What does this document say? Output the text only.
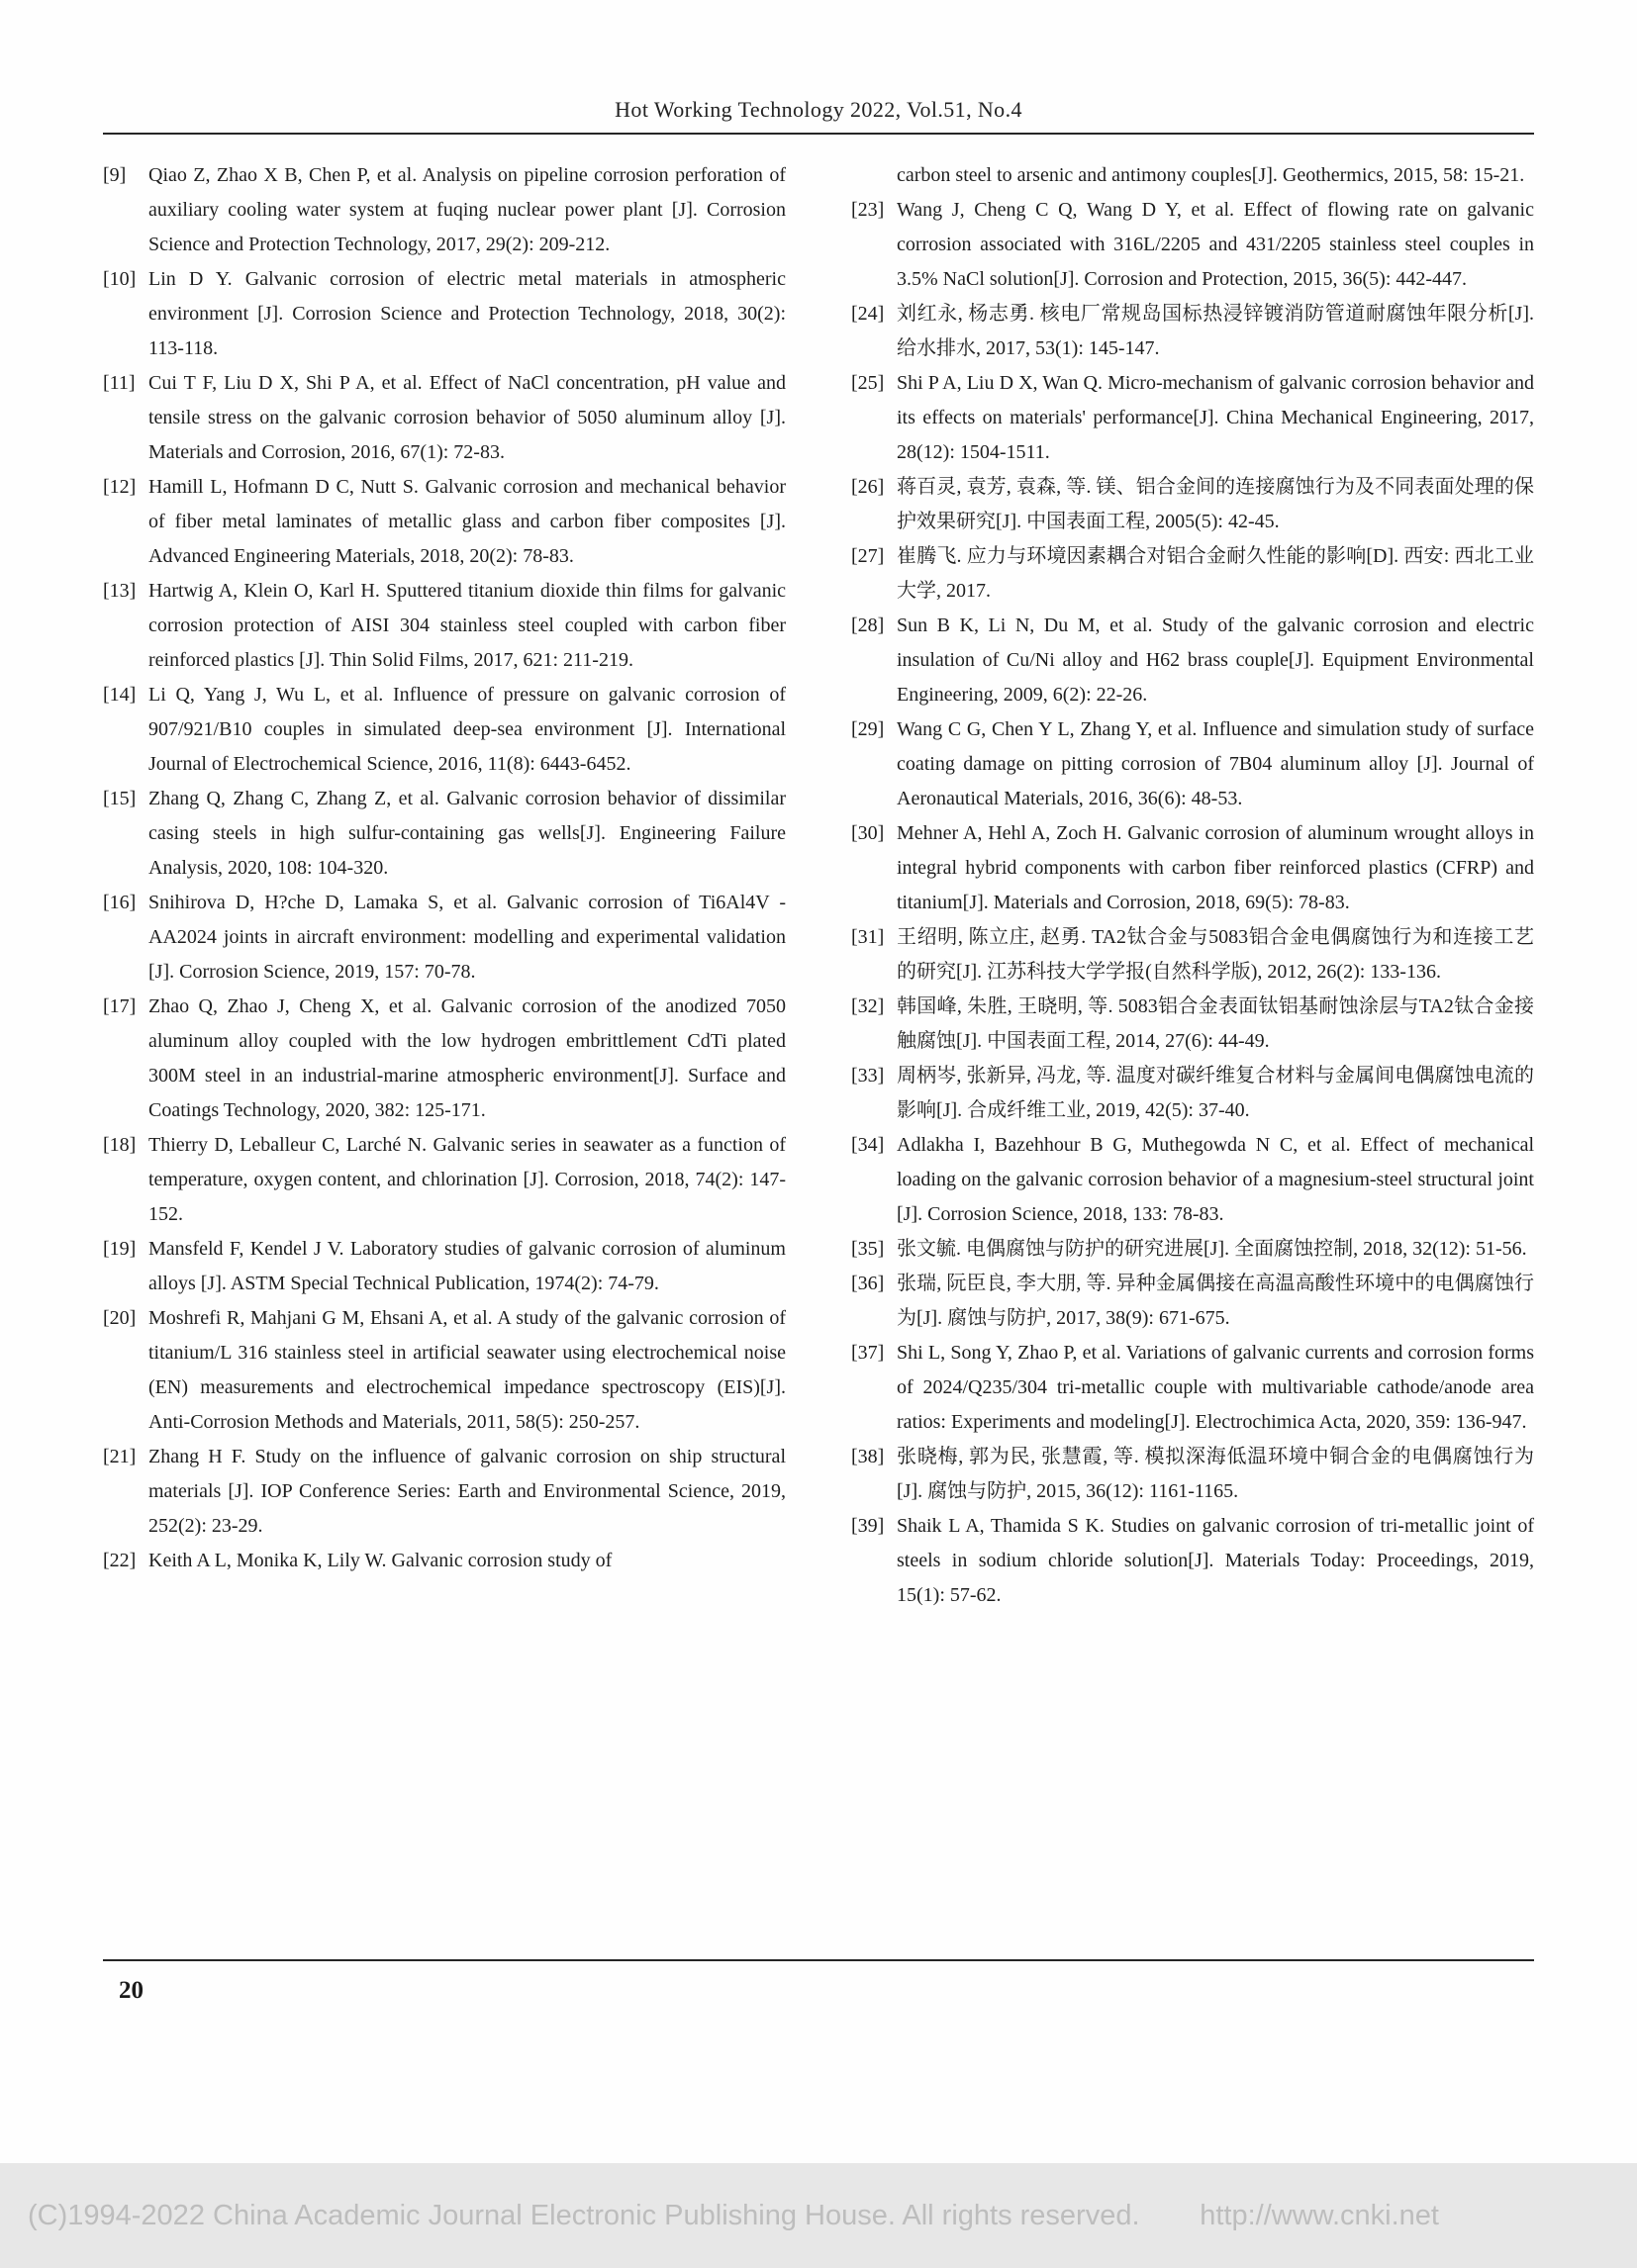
Hot Working Technology 2022, Vol.51, No.4
[9] Qiao Z, Zhao X B, Chen P, et al. Analysis on pipeline corrosion perforation of auxiliary cooling water system at fuqing nuclear power plant [J]. Corrosion Science and Protection Technology, 2017, 29(2): 209-212.
[10] Lin D Y. Galvanic corrosion of electric metal materials in atmospheric environment [J]. Corrosion Science and Protection Technology, 2018, 30(2): 113-118.
[11] Cui T F, Liu D X, Shi P A, et al. Effect of NaCl concentration, pH value and tensile stress on the galvanic corrosion behavior of 5050 aluminum alloy [J]. Materials and Corrosion, 2016, 67(1): 72-83.
[12] Hamill L, Hofmann D C, Nutt S. Galvanic corrosion and mechanical behavior of fiber metal laminates of metallic glass and carbon fiber composites [J]. Advanced Engineering Materials, 2018, 20(2): 78-83.
[13] Hartwig A, Klein O, Karl H. Sputtered titanium dioxide thin films for galvanic corrosion protection of AISI 304 stainless steel coupled with carbon fiber reinforced plastics [J]. Thin Solid Films, 2017, 621: 211-219.
[14] Li Q, Yang J, Wu L, et al. Influence of pressure on galvanic corrosion of 907/921/B10 couples in simulated deep-sea environment [J]. International Journal of Electrochemical Science, 2016, 11(8): 6443-6452.
[15] Zhang Q, Zhang C, Zhang Z, et al. Galvanic corrosion behavior of dissimilar casing steels in high sulfur-containing gas wells[J]. Engineering Failure Analysis, 2020, 108: 104-320.
[16] Snihirova D, H?che D, Lamaka S, et al. Galvanic corrosion of Ti6Al4V -AA2024 joints in aircraft environment: modelling and experimental validation [J]. Corrosion Science, 2019, 157: 70-78.
[17] Zhao Q, Zhao J, Cheng X, et al. Galvanic corrosion of the anodized 7050 aluminum alloy coupled with the low hydrogen embrittlement CdTi plated 300M steel in an industrial-marine atmospheric environment[J]. Surface and Coatings Technology, 2020, 382: 125-171.
[18] Thierry D, Leballeur C, Larché N. Galvanic series in seawater as a function of temperature, oxygen content, and chlorination [J]. Corrosion, 2018, 74(2): 147-152.
[19] Mansfeld F, Kendel J V. Laboratory studies of galvanic corrosion of aluminum alloys [J]. ASTM Special Technical Publication, 1974(2): 74-79.
[20] Moshrefi R, Mahjani G M, Ehsani A, et al. A study of the galvanic corrosion of titanium/L 316 stainless steel in artificial seawater using electrochemical noise (EN) measurements and electrochemical impedance spectroscopy (EIS)[J]. Anti-Corrosion Methods and Materials, 2011, 58(5): 250-257.
[21] Zhang H F. Study on the influence of galvanic corrosion on ship structural materials [J]. IOP Conference Series: Earth and Environmental Science, 2019, 252(2): 23-29.
[22] Keith A L, Monika K, Lily W. Galvanic corrosion study of
carbon steel to arsenic and antimony couples[J]. Geothermics, 2015, 58: 15-21.
[23] Wang J, Cheng C Q, Wang D Y, et al. Effect of flowing rate on galvanic corrosion associated with 316L/2205 and 431/2205 stainless steel couples in 3.5% NaCl solution[J]. Corrosion and Protection, 2015, 36(5): 442-447.
[24] 刘红永, 杨志勇. 核电厂常规岛国标热浸锌镀消防管道耐腐蚀年限分析[J]. 给水排水, 2017, 53(1): 145-147.
[25] Shi P A, Liu D X, Wan Q. Micro-mechanism of galvanic corrosion behavior and its effects on materials' performance[J]. China Mechanical Engineering, 2017, 28(12): 1504-1511.
[26] 蒋百灵, 袁芳, 袁森, 等. 镁、铝合金间的连接腐蚀行为及不同表面处理的保护效果研究[J]. 中国表面工程, 2005(5): 42-45.
[27] 崔腾飞. 应力与环境因素耦合对铝合金耐久性能的影响[D]. 西安: 西北工业大学, 2017.
[28] Sun B K, Li N, Du M, et al. Study of the galvanic corrosion and electric insulation of Cu/Ni alloy and H62 brass couple[J]. Equipment Environmental Engineering, 2009, 6(2): 22-26.
[29] Wang C G, Chen Y L, Zhang Y, et al. Influence and simulation study of surface coating damage on pitting corrosion of 7B04 aluminum alloy [J]. Journal of Aeronautical Materials, 2016, 36(6): 48-53.
[30] Mehner A, Hehl A, Zoch H. Galvanic corrosion of aluminum wrought alloys in integral hybrid components with carbon fiber reinforced plastics (CFRP) and titanium[J]. Materials and Corrosion, 2018, 69(5): 78-83.
[31] 王绍明, 陈立庄, 赵勇. TA2钛合金与5083铝合金电偶腐蚀行为和连接工艺的研究[J]. 江苏科技大学学报(自然科学版), 2012, 26(2): 133-136.
[32] 韩国峰, 朱胜, 王晓明, 等. 5083铝合金表面钛铝基耐蚀涂层与TA2钛合金接触腐蚀[J]. 中国表面工程, 2014, 27(6): 44-49.
[33] 周柄岑, 张新异, 冯龙, 等. 温度对碳纤维复合材料与金属间电偶腐蚀电流的影响[J]. 合成纤维工业, 2019, 42(5): 37-40.
[34] Adlakha I, Bazehhour B G, Muthegowda N C, et al. Effect of mechanical loading on the galvanic corrosion behavior of a magnesium-steel structural joint [J]. Corrosion Science, 2018, 133: 78-83.
[35] 张文毓. 电偶腐蚀与防护的研究进展[J]. 全面腐蚀控制, 2018, 32(12): 51-56.
[36] 张瑞, 阮臣良, 李大朋, 等. 异种金属偶接在高温高酸性环境中的电偶腐蚀行为[J]. 腐蚀与防护, 2017, 38(9): 671-675.
[37] Shi L, Song Y, Zhao P, et al. Variations of galvanic currents and corrosion forms of 2024/Q235/304 tri-metallic couple with multivariable cathode/anode area ratios: Experiments and modeling[J]. Electrochimica Acta, 2020, 359: 136-947.
[38] 张晓梅, 郭为民, 张慧霞, 等. 模拟深海低温环境中铜合金的电偶腐蚀行为[J]. 腐蚀与防护, 2015, 36(12): 1161-1165.
[39] Shaik L A, Thamida S K. Studies on galvanic corrosion of tri-metallic joint of steels in sodium chloride solution[J]. Materials Today: Proceedings, 2019, 15(1): 57-62.
20
(C)1994-2022 China Academic Journal Electronic Publishing House. All rights reserved. http://www.cnki.net
